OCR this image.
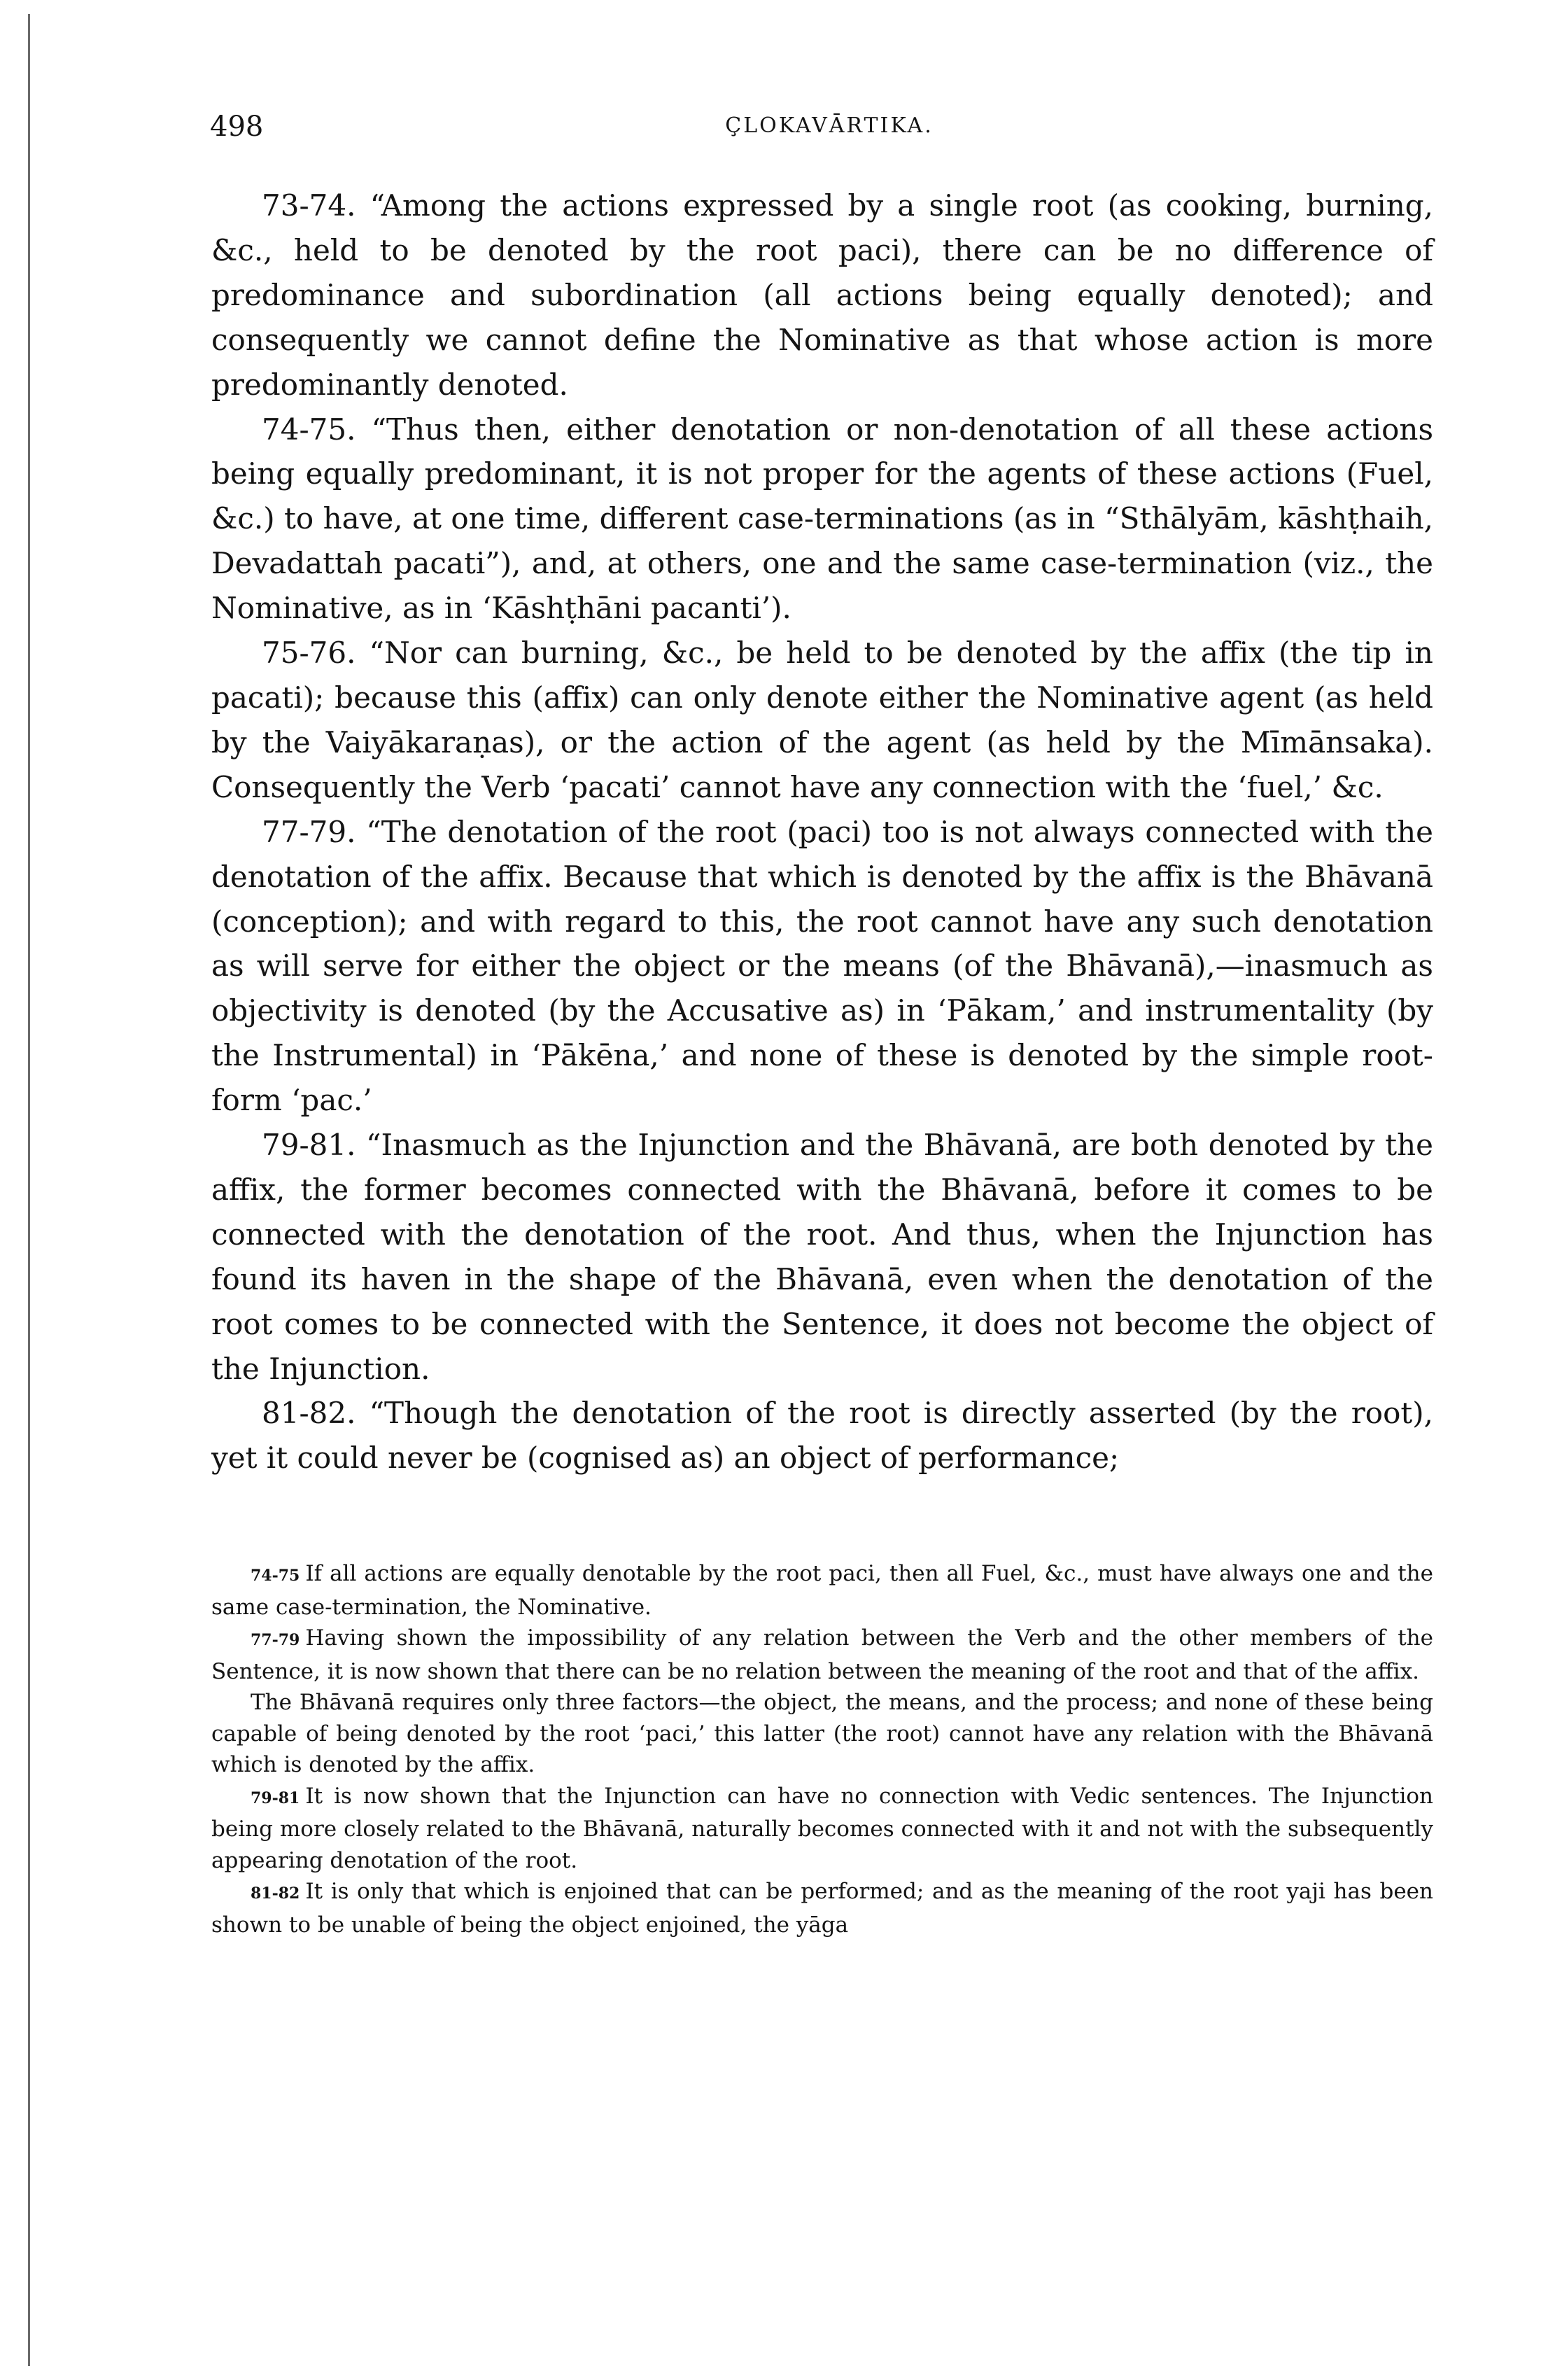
498	ÇLOKAVĀRTIKA.

73-74. “Among the actions expressed by a single root (as cooking, burning, &c., held to be denoted by the root paci), there can be no difference of predominance and subordination (all actions being equally denoted); and consequently we cannot define the Nominative as that whose action is more predominantly denoted.

74-75. “Thus then, either denotation or non-denotation of all these actions being equally predominant, it is not proper for the agents of these actions (Fuel, &c.) to have, at one time, different case-terminations (as in “Sthālyām, kāshṭhaih, Devadattah pacati”), and, at others, one and the same case-termination (viz., the Nominative, as in ‘Kāshṭhāni pacanti’).

75-76. “Nor can burning, &c., be held to be denoted by the affix (the tip in pacati); because this (affix) can only denote either the Nominative agent (as held by the Vaiyākaraṇas), or the action of the agent (as held by the Mīmānsaka). Consequently the Verb ‘pacati’ cannot have any connection with the ‘fuel,’ &c.

77-79. “The denotation of the root (paci) too is not always connected with the denotation of the affix. Because that which is denoted by the affix is the Bhāvanā (conception); and with regard to this, the root cannot have any such denotation as will serve for either the object or the means (of the Bhāvanā),—inasmuch as objectivity is denoted (by the Accusative as) in ‘Pākam,’ and instrumentality (by the Instrumental) in ‘Pākēna,’ and none of these is denoted by the simple root-form ‘pac.’

79-81. “Inasmuch as the Injunction and the Bhāvanā, are both denoted by the affix, the former becomes connected with the Bhāvanā, before it comes to be connected with the denotation of the root. And thus, when the Injunction has found its haven in the shape of the Bhāvanā, even when the denotation of the root comes to be connected with the Sentence, it does not become the object of the Injunction.

81-82. “Though the denotation of the root is directly asserted (by the root), yet it could never be (cognised as) an object of performance;

74-75 If all actions are equally denotable by the root paci, then all Fuel, &c., must have always one and the same case-termination, the Nominative.

77-79 Having shown the impossibility of any relation between the Verb and the other members of the Sentence, it is now shown that there can be no relation between the meaning of the root and that of the affix.

The Bhāvanā requires only three factors—the object, the means, and the process; and none of these being capable of being denoted by the root ‘paci,’ this latter (the root) cannot have any relation with the Bhāvanā which is denoted by the affix.

79-81 It is now shown that the Injunction can have no connection with Vedic sentences. The Injunction being more closely related to the Bhāvanā, naturally becomes connected with it and not with the subsequently appearing denotation of the root.

81-82 It is only that which is enjoined that can be performed; and as the meaning of the root yaji has been shown to be unable of being the object enjoined, the yāga
